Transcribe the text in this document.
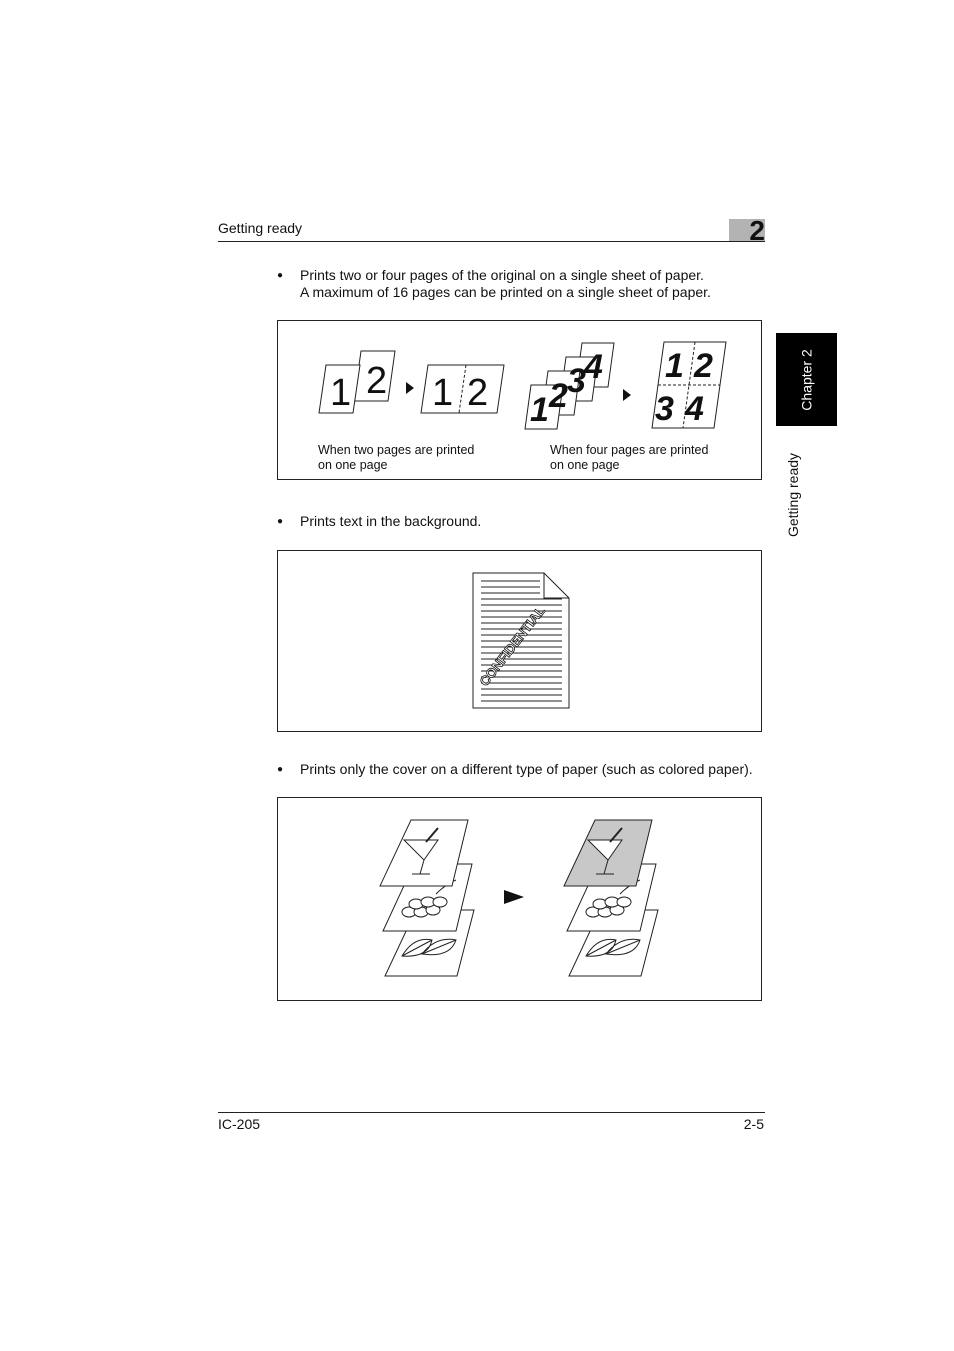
Getting ready	2
Chapter 2
Getting ready
●	Prints two or four pages of the original on a single sheet of paper.
A maximum of 16 pages can be printed on a single sheet of paper.
2
1 1 2
4
3
2
1
1 2
3 4
When two pages are printed
on one page
When four pages are printed
on one page
●	Prints text in the background.
CONFIDENTIAL
●	Prints only the cover on a different type of paper (such as colored paper).
IC-205	2-5
